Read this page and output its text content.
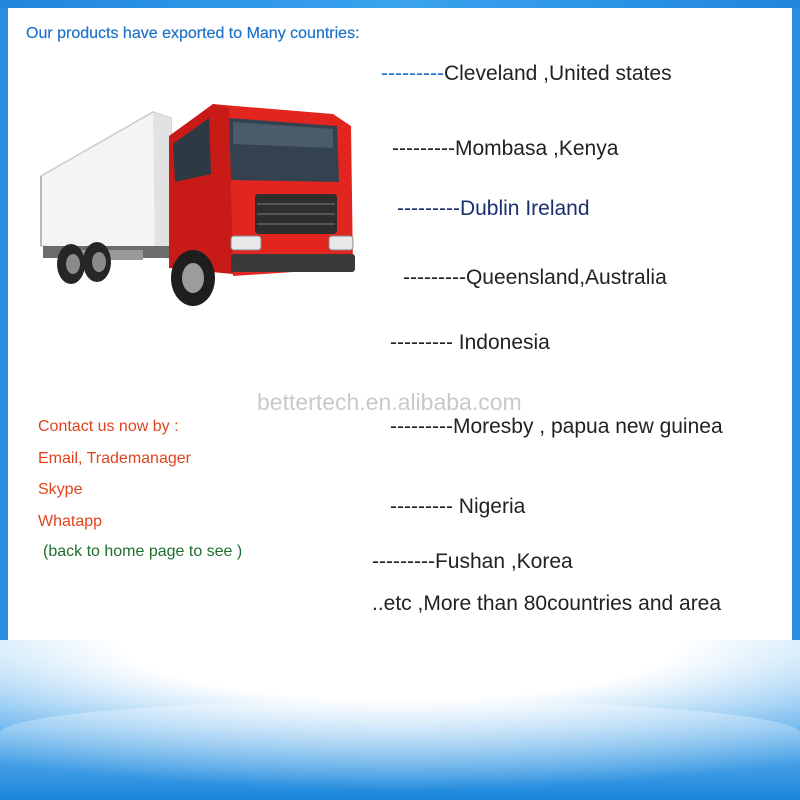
Our products have exported to Many countries:

---------Cleveland ,United states

---------Mombasa ,Kenya

---------Dublin Ireland

---------Queensland,Australia

--------- Indonesia

---------Moresby , papua new guinea

--------- Nigeria

---------Fushan ,Korea

..etc ,More than 80countries and area

bettertech.en.alibaba.com

Contact us now by :

Email, Trademanager

Skype

Whatapp

(back to home page to see )
